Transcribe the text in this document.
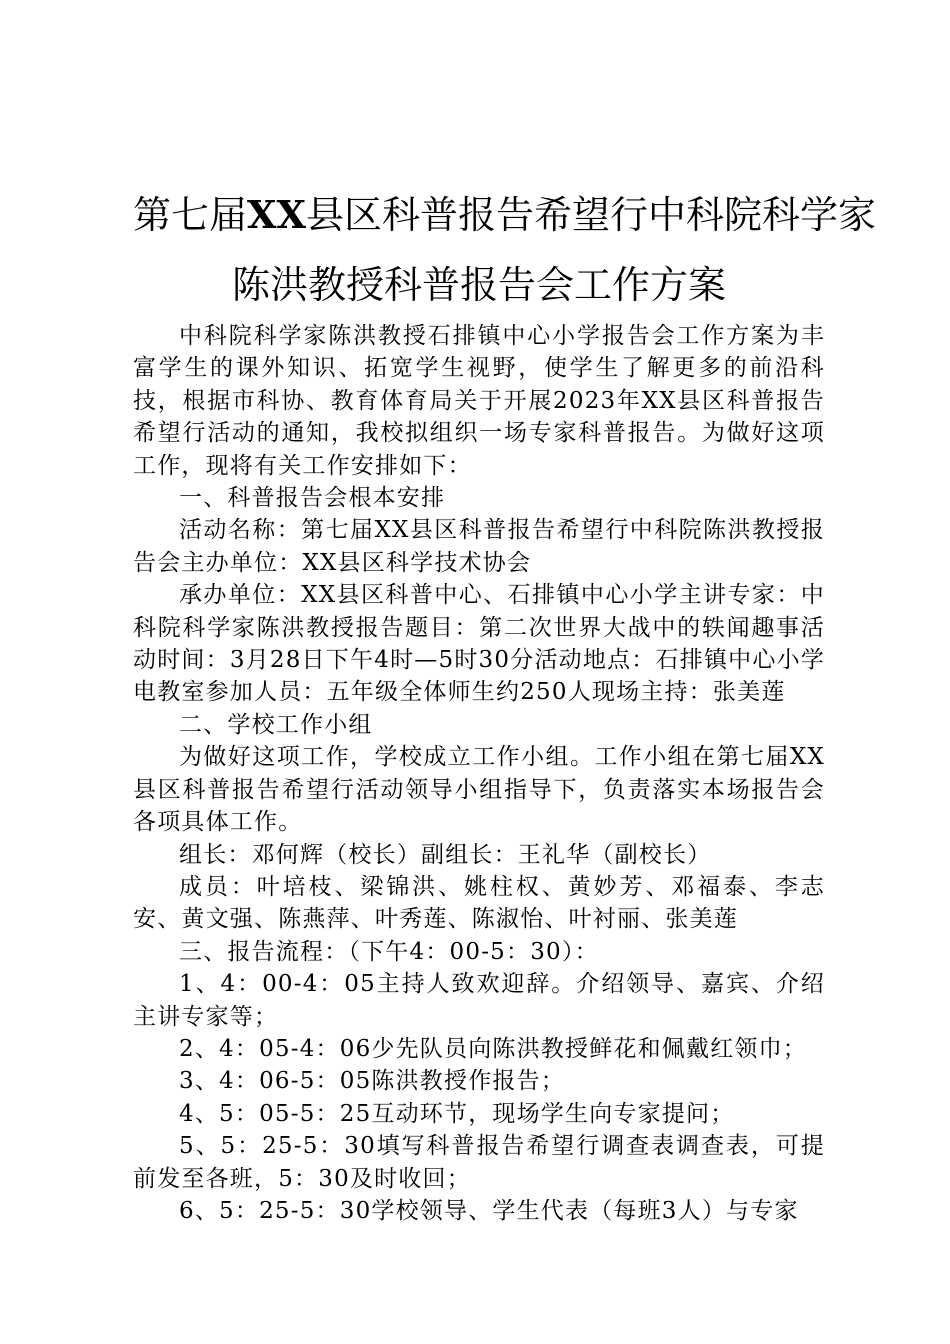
第七届XX县区科普报告希望行中科院科学家
陈洪教授科普报告会工作方案

中科院科学家陈洪教授石排镇中心小学报告会工作方案为丰富学生的课外知识、拓宽学生视野，使学生了解更多的前沿科技，根据市科协、教育体育局关于开展2023年XX县区科普报告希望行活动的通知，我校拟组织一场专家科普报告。为做好这项工作，现将有关工作安排如下：

一、科普报告会根本安排

活动名称：第七届XX县区科普报告希望行中科院陈洪教授报告会主办单位：XX县区科学技术协会

承办单位：XX县区科普中心、石排镇中心小学主讲专家：中科院科学家陈洪教授报告题目：第二次世界大战中的轶闻趣事活动时间：3月28日下午4时—5时30分活动地点：石排镇中心小学电教室参加人员：五年级全体师生约250人现场主持：张美莲

二、学校工作小组

为做好这项工作，学校成立工作小组。工作小组在第七届XX县区科普报告希望行活动领导小组指导下，负责落实本场报告会各项具体工作。

组长：邓何辉（校长）副组长：王礼华（副校长）

成员：叶培枝、梁锦洪、姚柱权、黄妙芳、邓福泰、李志安、黄文强、陈燕萍、叶秀莲、陈淑怡、叶衬丽、张美莲

三、报告流程：（下午4：00-5：30）：

1、4：00-4：05主持人致欢迎辞。介绍领导、嘉宾、介绍主讲专家等；

2、4：05-4：06少先队员向陈洪教授鲜花和佩戴红领巾；

3、4：06-5：05陈洪教授作报告；

4、5：05-5：25互动环节，现场学生向专家提问；

5、5：25-5：30填写科普报告希望行调查表调查表，可提前发至各班，5：30及时收回；

6、5：25-5：30学校领导、学生代表（每班3人）与专家
